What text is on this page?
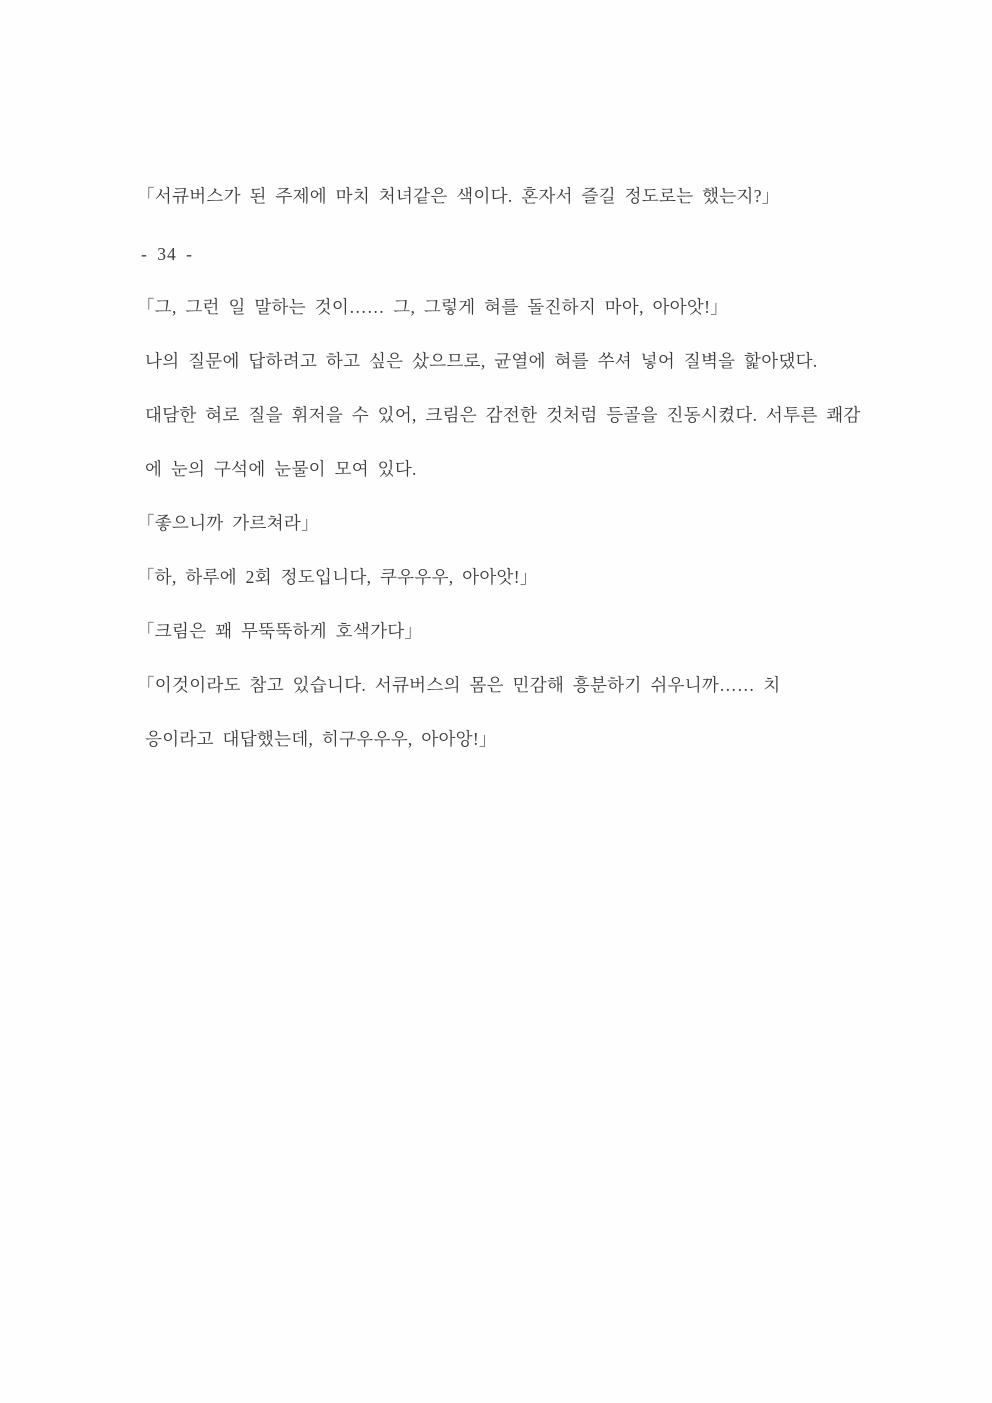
「서큐버스가 된 주제에 마치 처녀같은 색이다. 혼자서 즐길 정도로는 했는지?」
- 34 -
「그, 그런 일 말하는 것이…… 그, 그렇게 혀를 돌진하지 마아, 아아앗!」
나의 질문에 답하려고 하고 싶은 샀으므로, 균열에 혀를 쑤셔 넣어 질벽을 핥아댔다.
대담한 혀로 질을 휘저을 수 있어, 크림은 감전한 것처럼 등골을 진동시켰다. 서투른 쾌감
에 눈의 구석에 눈물이 모여 있다.
「좋으니까 가르쳐라」
「하, 하루에 2회 정도입니다, 쿠우우우, 아아앗!」
「크림은 꽤 무뚝뚝하게 호색가다」
「이것이라도 참고 있습니다. 서큐버스의 몸은 민감해 흥분하기 쉬우니까…… 치
응이라고 대답했는데, 히구우우우, 아아앙!」
